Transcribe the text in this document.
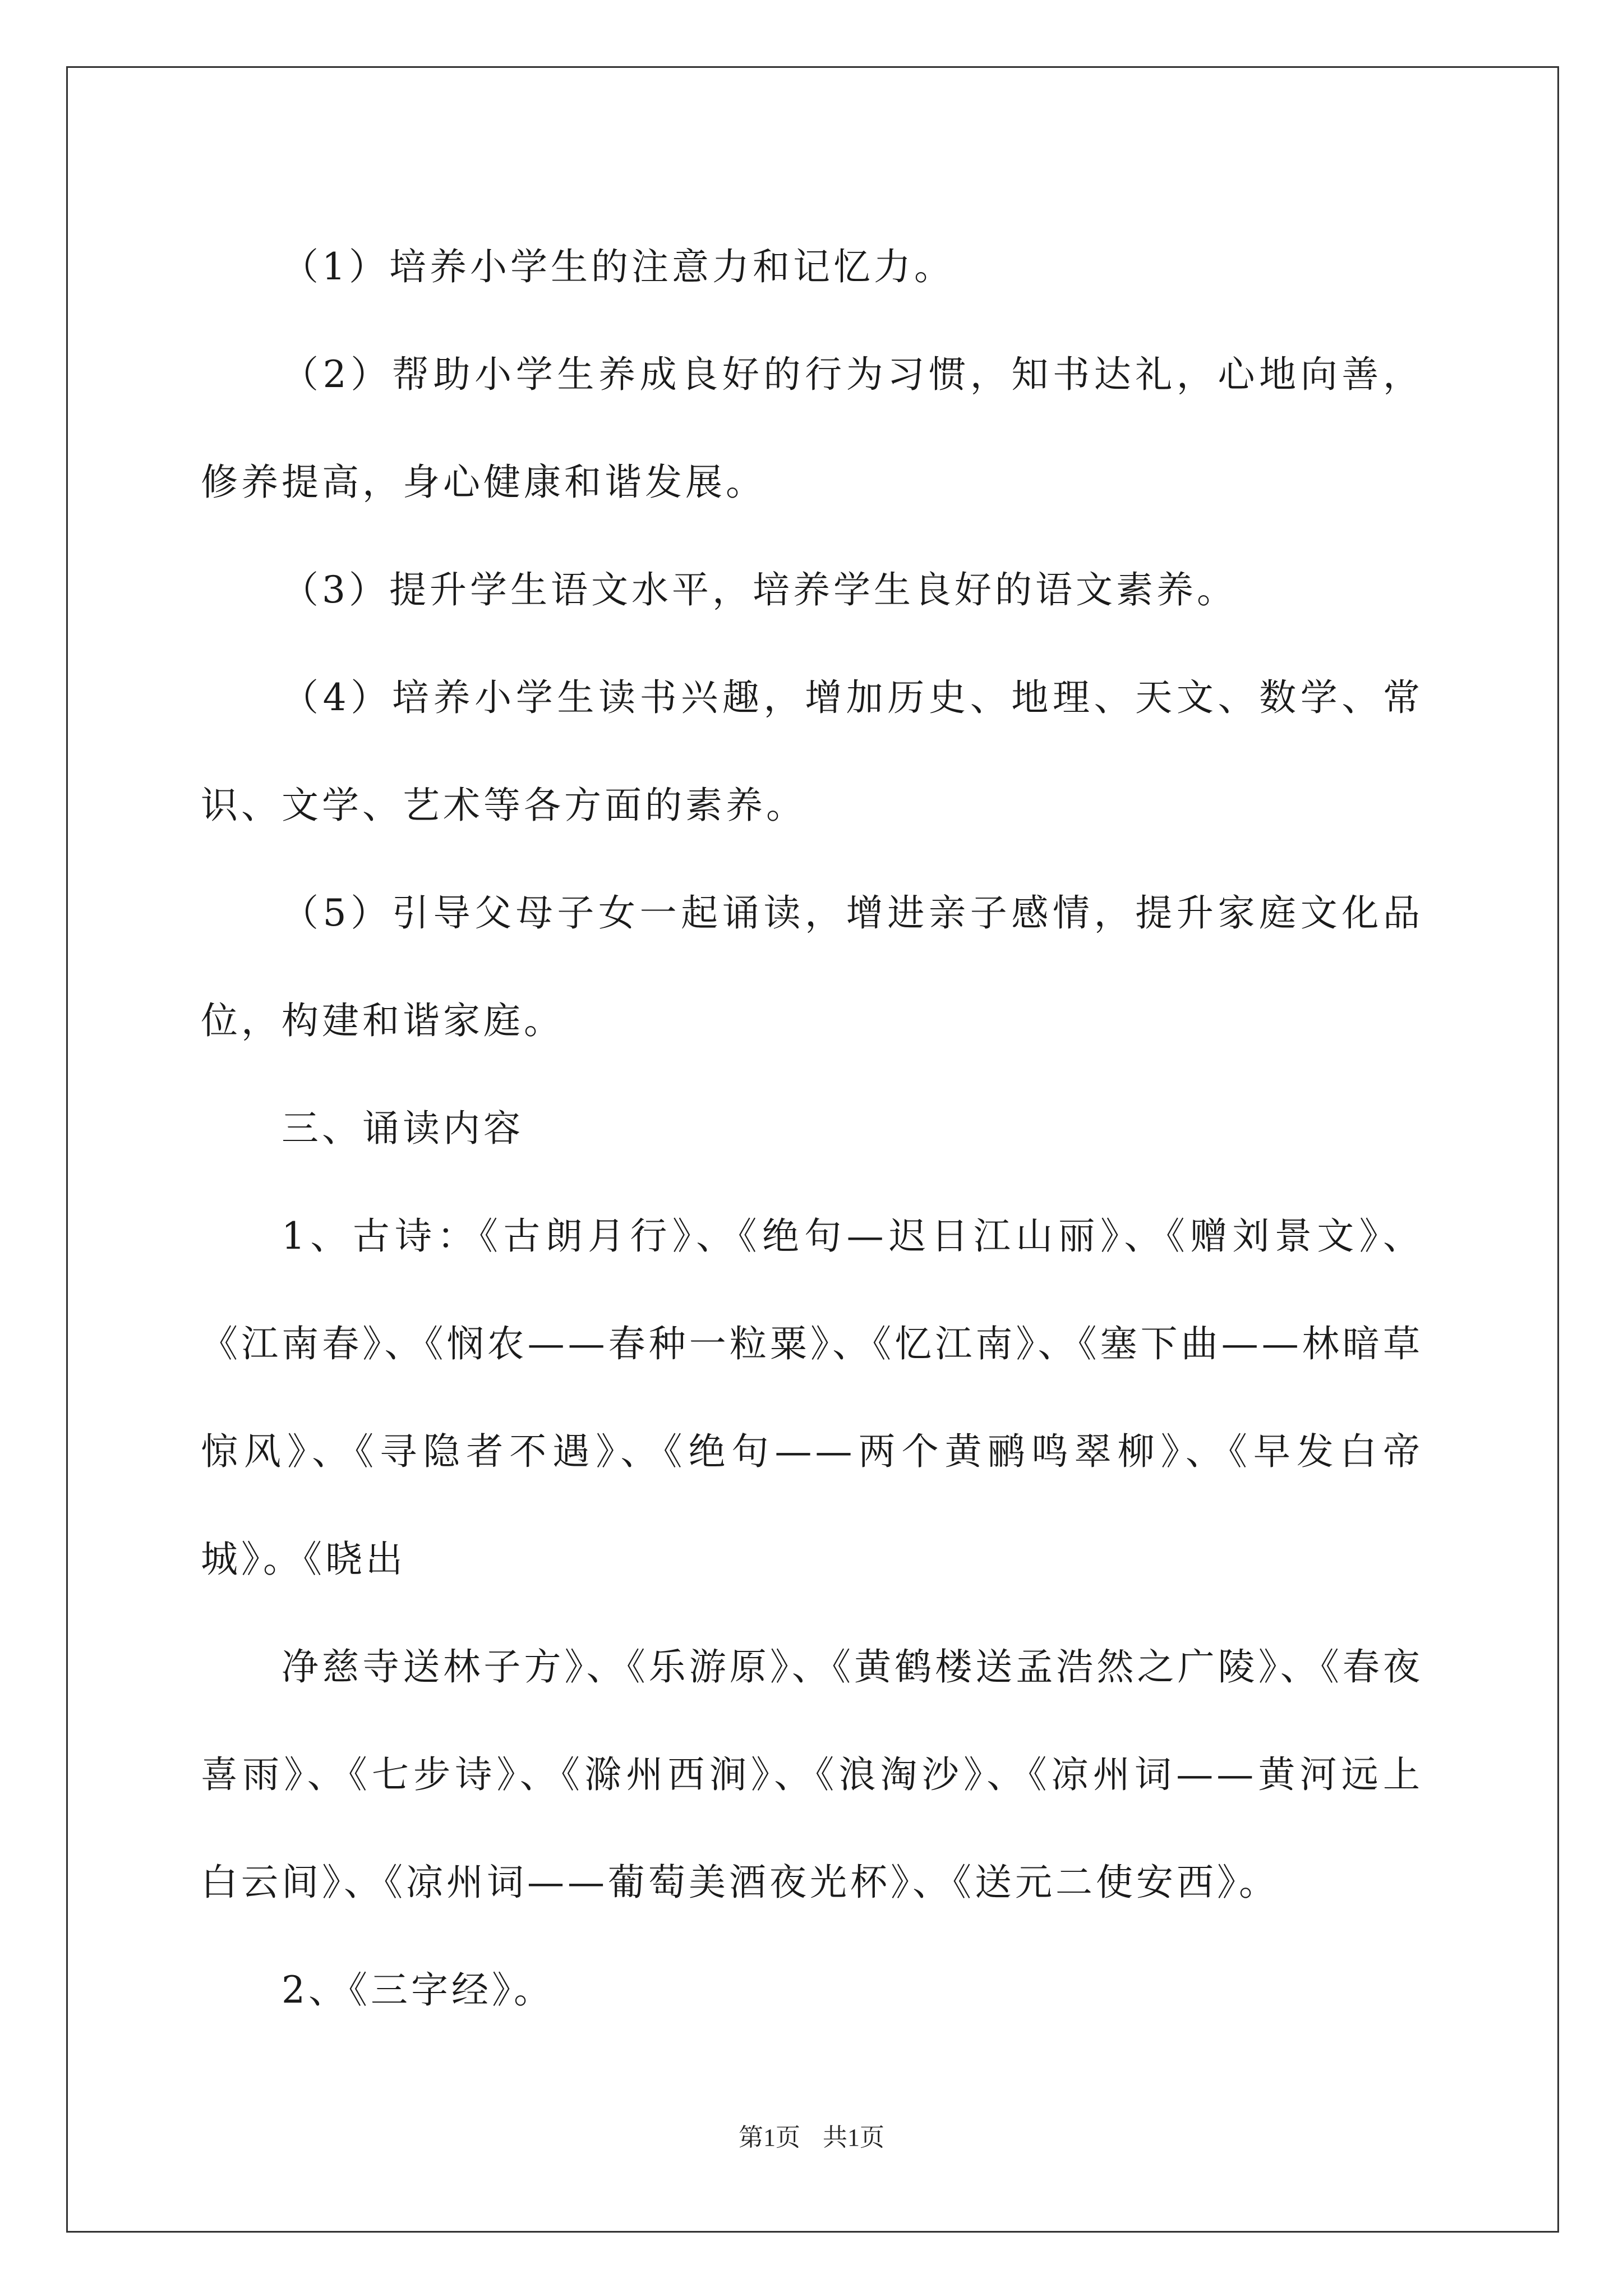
（1）培养小学生的注意力和记忆力。

（2）帮助小学生养成良好的行为习惯，知书达礼，心地向善，修养提高，身心健康和谐发展。

（3）提升学生语文水平，培养学生良好的语文素养。

（4）培养小学生读书兴趣，增加历史、地理、天文、数学、常识、文学、艺术等各方面的素养。

（5）引导父母子女一起诵读，增进亲子感情，提升家庭文化品位，构建和谐家庭。

三、诵读内容

1、古诗：《古朗月行》、《绝句—迟日江山丽》、《赠刘景文》、《江南春》、《悯农——春种一粒粟》、《忆江南》、《塞下曲——林暗草惊风》、《寻隐者不遇》、《绝句——两个黄鹂鸣翠柳》、《早发白帝城》。《晓出

净慈寺送林子方》、《乐游原》、《黄鹤楼送孟浩然之广陵》、《春夜喜雨》、《七步诗》、《滁州西涧》、《浪淘沙》、《凉州词——黄河远上白云间》、《凉州词——葡萄美酒夜光杯》、《送元二使安西》。

2、《三字经》。

第1页 共1页
